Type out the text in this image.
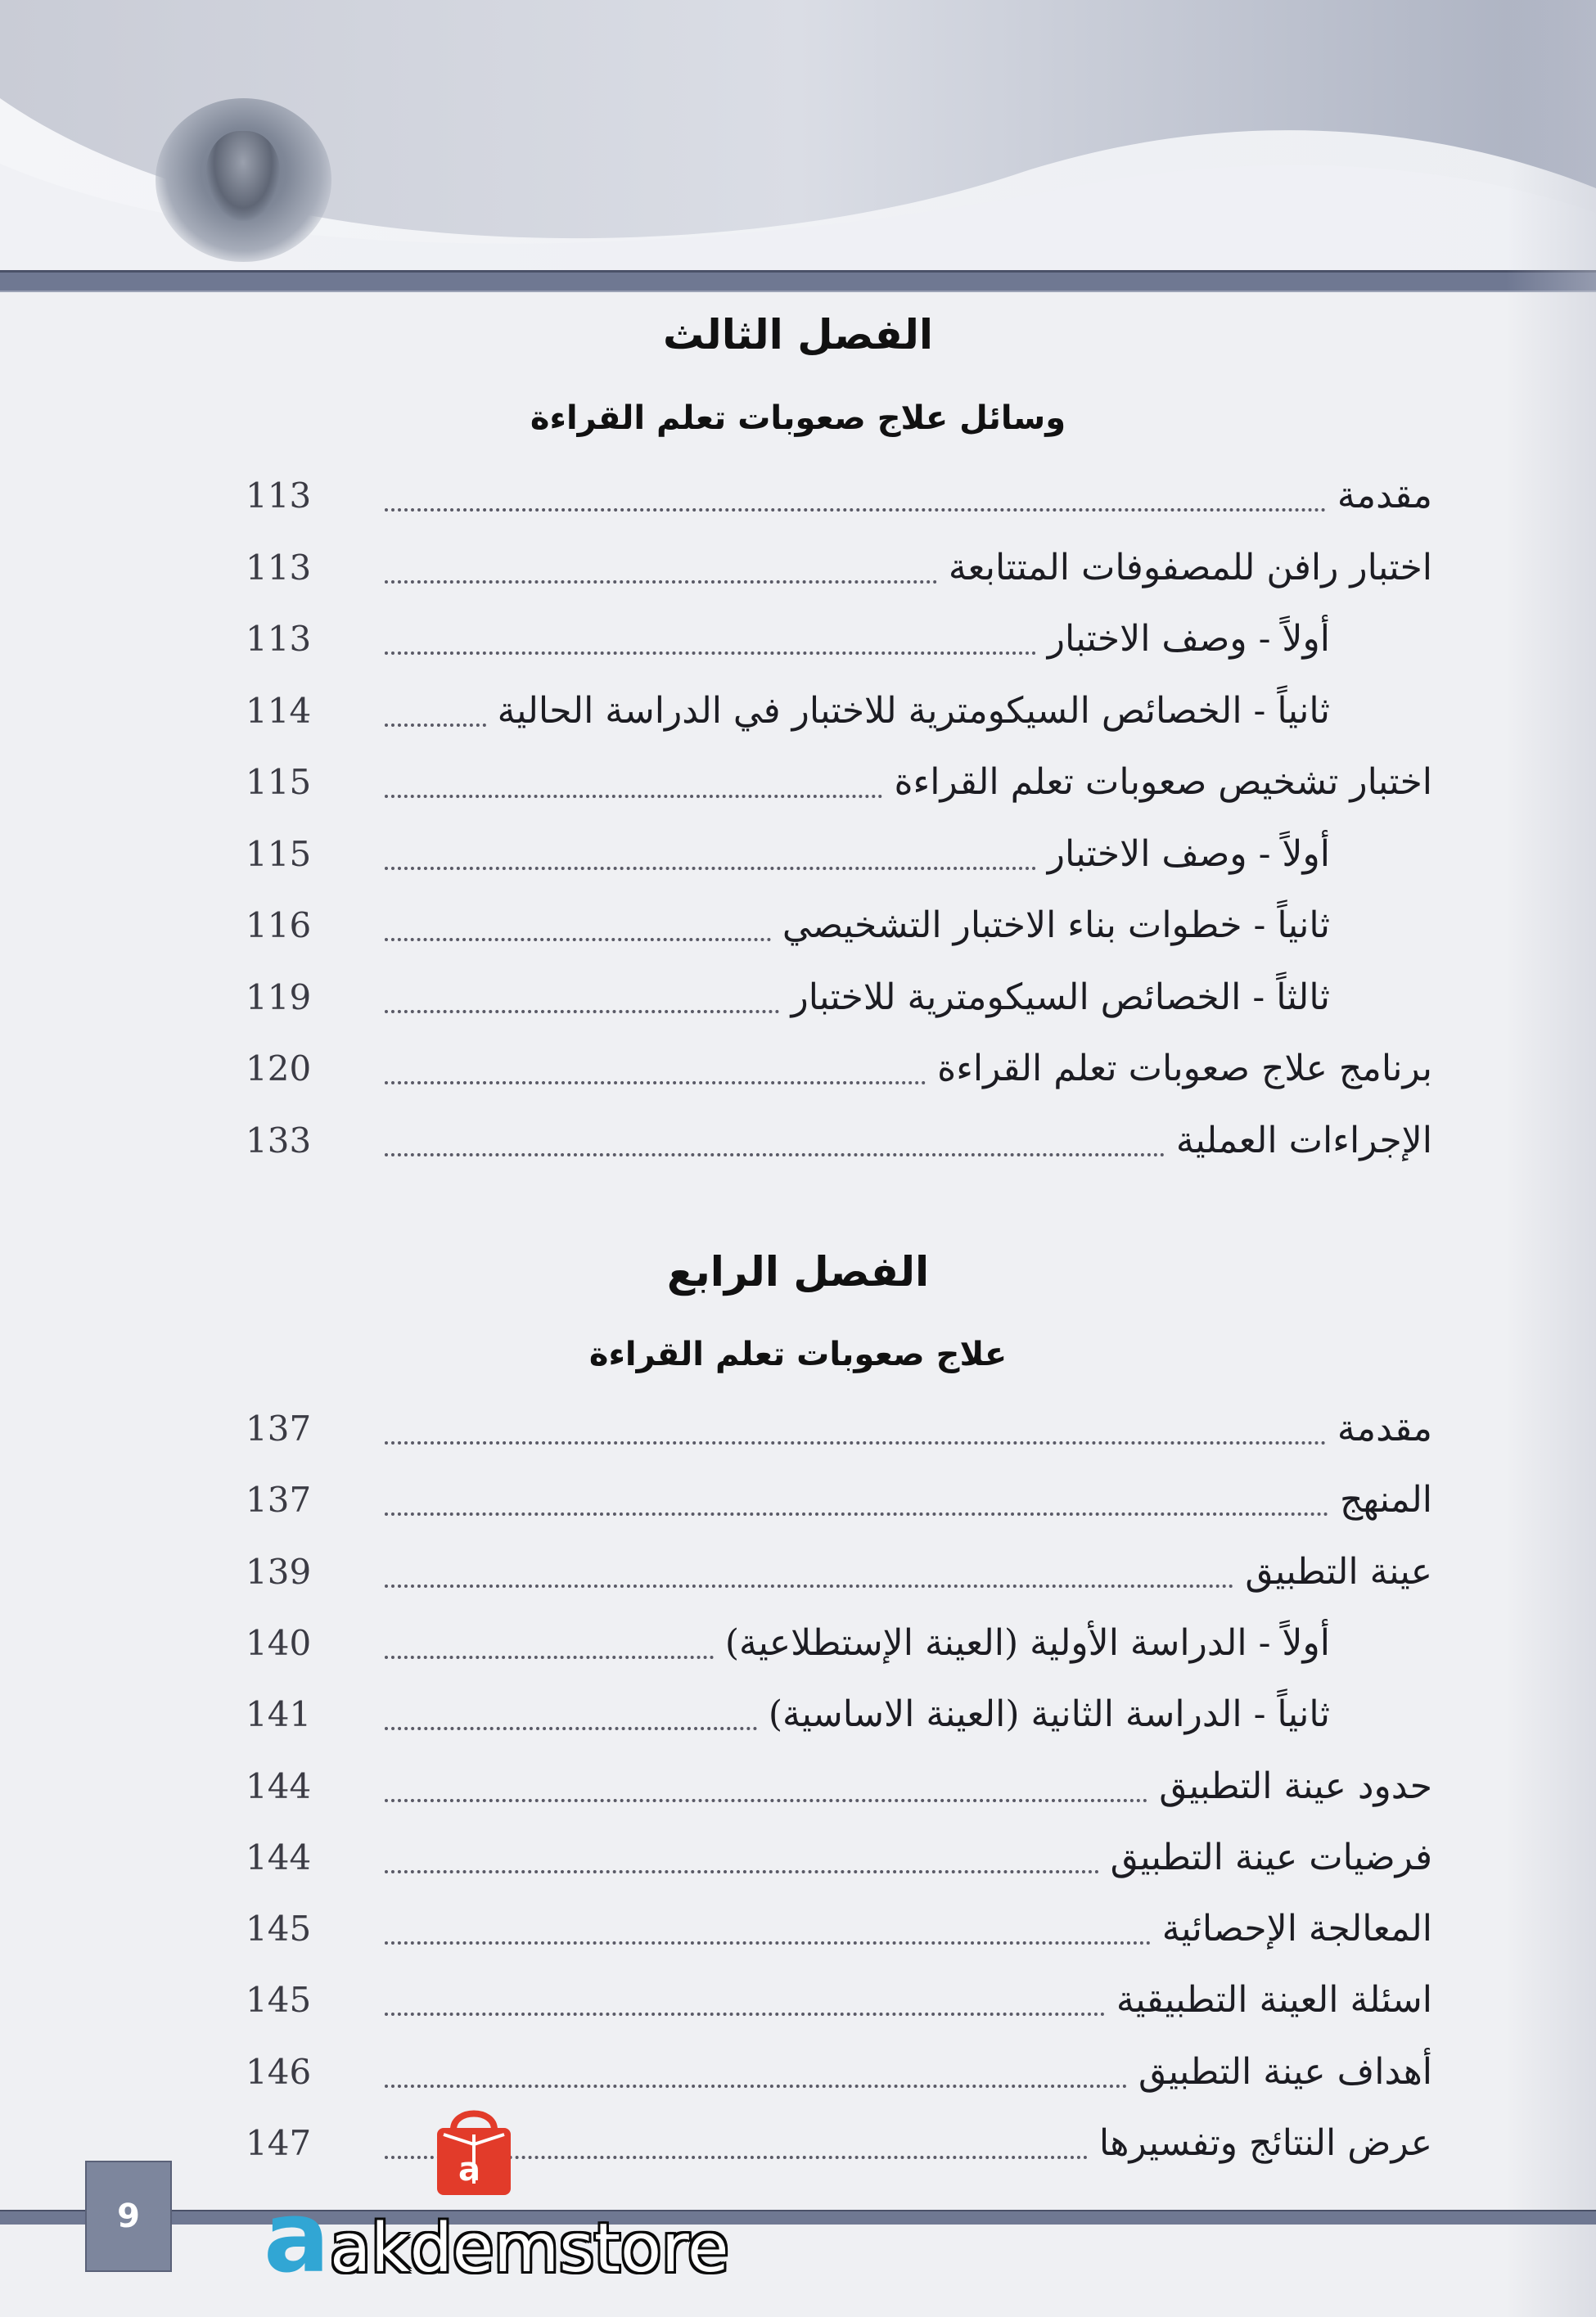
الفصل الثالث
وسائل علاج صعوبات تعلم القراءة
113	مقدمة
113	اختبار رافن للمصفوفات المتتابعة
113	أولاً - وصف الاختبار
114	ثانياً - الخصائص السيكومترية للاختبار في الدراسة الحالية
115	اختبار تشخيص صعوبات تعلم القراءة
115	أولاً - وصف الاختبار
116	ثانياً - خطوات بناء الاختبار التشخيصي
119	ثالثاً - الخصائص السيكومترية للاختبار
120	برنامج علاج صعوبات تعلم القراءة
133	الإجراءات العملية
الفصل الرابع
علاج صعوبات تعلم القراءة
137	مقدمة
137	المنهج
139	عينة التطبيق
140	أولاً - الدراسة الأولية (العينة الإستطلاعية)
141	ثانياً - الدراسة الثانية (العينة الاساسية)
144	حدود عينة التطبيق
144	فرضيات عينة التطبيق
145	المعالجة الإحصائية
145	اسئلة العينة التطبيقية
146	أهداف عينة التطبيق
147	عرض النتائج وتفسيرها
9
a
aakdemstore
